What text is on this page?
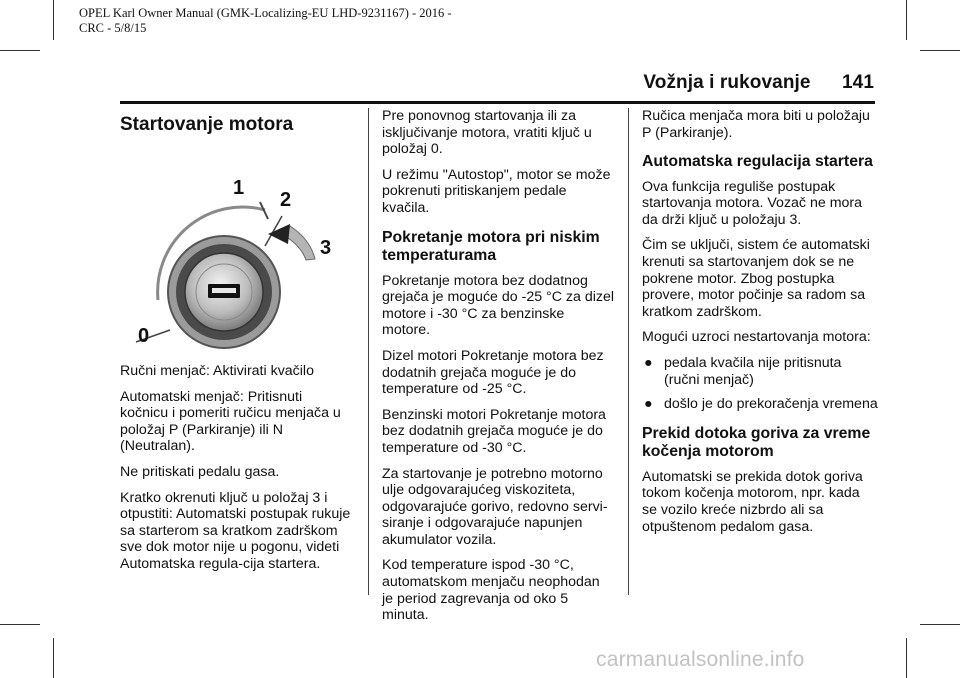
OPEL Karl Owner Manual (GMK-Localizing-EU LHD-9231167) - 2016 -
CRC - 5/8/15
Vožnja i rukovanje 141
Startovanje motora
0
1
2
3

Ručni menjač: Aktivirati kvačilo

Automatski menjač: Pritisnuti kočnicu i pomeriti ručicu menjača u položaj P (Parkiranje) ili N (Neutralan).

Ne pritiskati pedalu gasa.

Kratko okrenuti ključ u položaj 3 i otpustiti: Automatski postupak rukuje sa starterom sa kratkom zadrškom sve dok motor nije u pogonu, videti Automatska regula-cija startera.

Pre ponovnog startovanja ili za isključivanje motora, vratiti ključ u položaj 0.

U režimu "Autostop", motor se može pokrenuti pritiskanjem pedale kvačila.

Pokretanje motora pri niskim temperaturama

Pokretanje motora bez dodatnog grejača je moguće do -25 °C za dizel motore i -30 °C za benzinske motore.

Dizel motori Pokretanje motora bez dodatnih grejača moguće je do temperature od -25 °C.

Benzinski motori Pokretanje motora bez dodatnih grejača moguće je do temperature od -30 °C.

Za startovanje je potrebno motorno ulje odgovarajućeg viskoziteta, odgovarajuće gorivo, redovno servi-siranje i odgovarajuće napunjen akumulator vozila.

Kod temperature ispod -30 °C, automatskom menjaču neophodan je period zagrevanja od oko 5 minuta.

Ručica menjača mora biti u položaju P (Parkiranje).

Automatska regulacija startera

Ova funkcija reguliše postupak startovanja motora. Vozač ne mora da drži ključ u položaju 3.

Čim se uključi, sistem će automatski krenuti sa startovanjem dok se ne pokrene motor. Zbog postupka provere, motor počinje sa radom sa kratkom zadrškom.

Mogući uzroci nestartovanja motora:

● pedala kvačila nije pritisnuta (ručni menjač)
● došlo je do prekoračenja vremena
Prekid dotoka goriva za vreme kočenja motorom

Automatski se prekida dotok goriva tokom kočenja motorom, npr. kada se vozilo kreće nizbrdo ali sa otpuštenom pedalom gasa.

carmanualsonline.info
